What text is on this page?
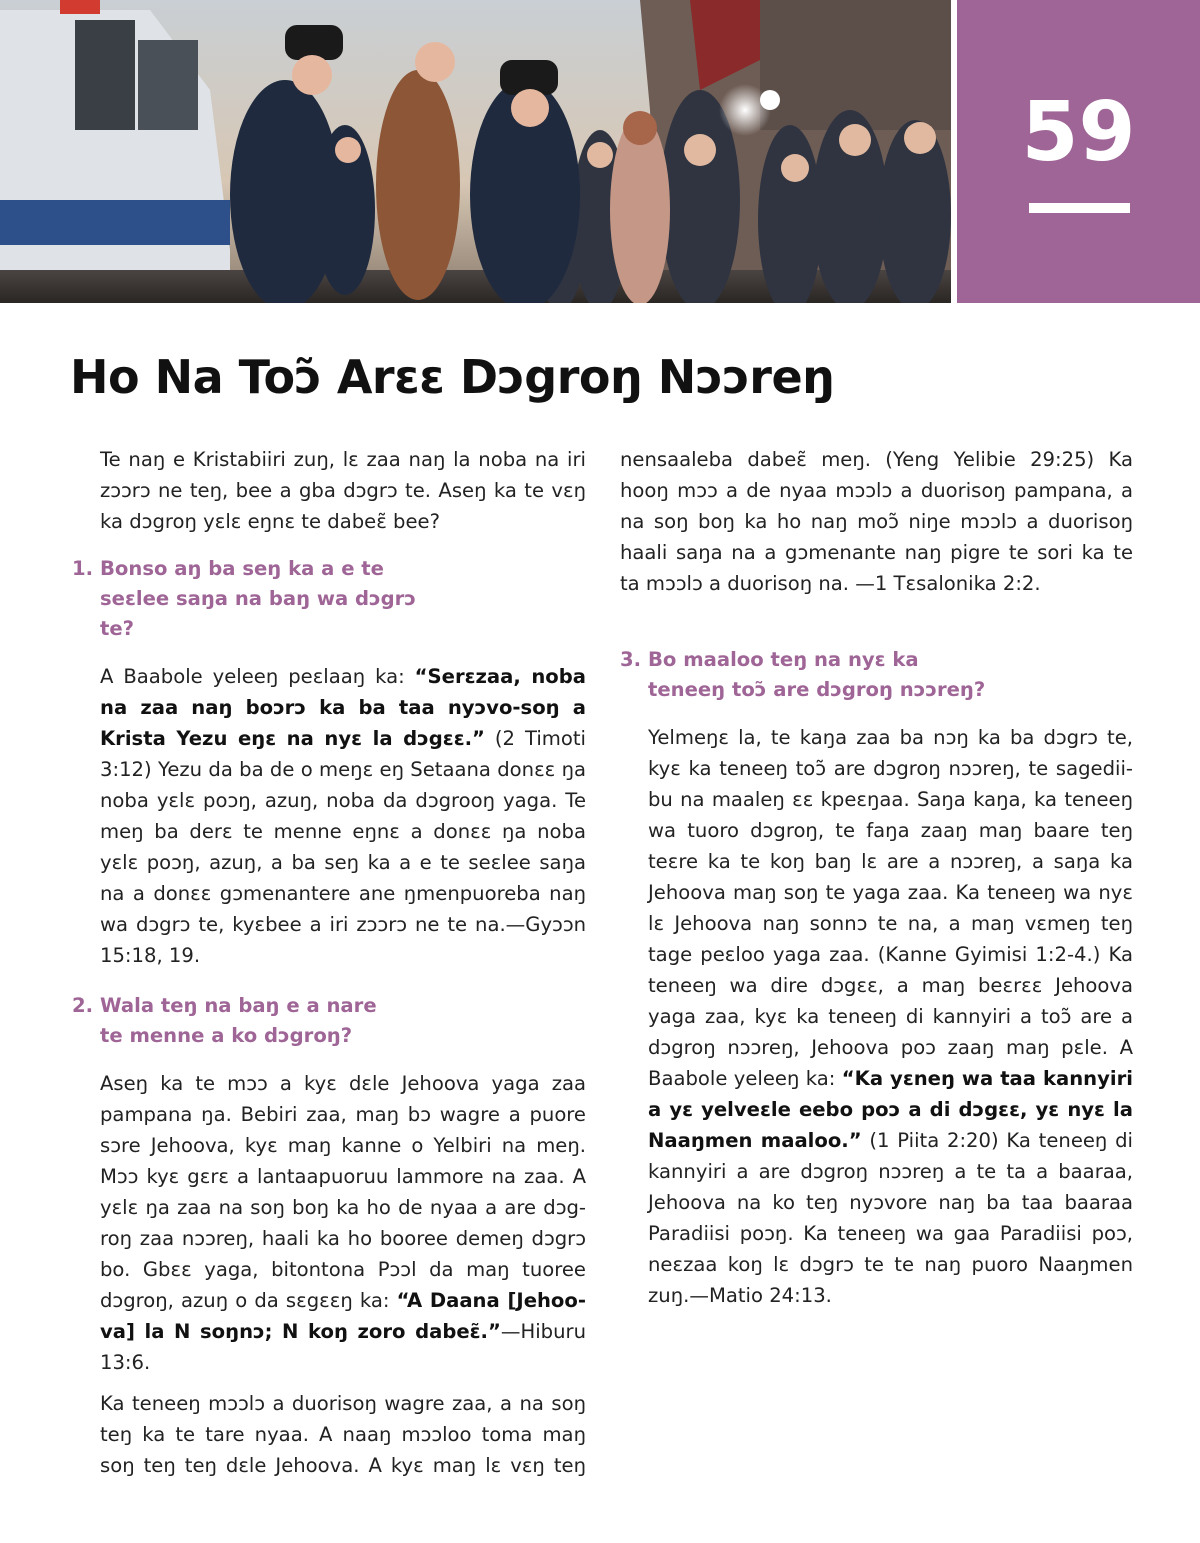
59
Ho Na Toɔ̃ Arɛɛ Dɔgroŋ Nɔɔreŋ

Te naŋ e Kristabiiri zuŋ, lɛ zaa naŋ la noba na iri zɔɔrɔ ne teŋ, bee a gba dɔgrɔ te. Aseŋ ka te vɛŋ ka dɔgroŋ yɛlɛ eŋnɛ te dabeɛ̃ bee?

1. Bonso aŋ ba seŋ ka a e te seɛlee saŋa na baŋ wa dɔgrɔ te?

A Baabole yeleeŋ peɛlaaŋ ka: “Serɛzaa, noba na zaa naŋ boɔrɔ ka ba taa nyɔvo-soŋ a Krista Yezu eŋɛ na nyɛ la dɔgɛɛ.” (2 Timoti 3:12) Yezu da ba de o meŋɛ eŋ Setaana donɛɛ ŋa noba yɛlɛ poɔŋ, azuŋ, noba da dɔgrooŋ yaga. Te meŋ ba derɛ te menne eŋnɛ a donɛɛ ŋa noba yɛlɛ poɔŋ, azuŋ, a ba seŋ ka a e te seɛlee saŋa na a donɛɛ gɔmenantere ane ŋmenpuoreba naŋ wa dɔgrɔ te, kyɛbee a iri zɔɔrɔ ne te na.—Gyɔɔn 15:18, 19.

2. Wala teŋ na baŋ e a nare te menne a ko dɔgroŋ?

Aseŋ ka te mɔɔ a kyɛ dɛle Jehoova yaga zaa pampana ŋa. Bebiri zaa, maŋ bɔ wagre a puore sɔre Jehoova, kyɛ maŋ kanne o Yelbiri na meŋ. Mɔɔ kyɛ gɛrɛ a lantaapuoruu lammore na zaa. A yɛlɛ ŋa zaa na soŋ boŋ ka ho de nyaa a are dɔgroŋ zaa nɔɔreŋ, haali ka ho booree demeŋ dɔgrɔ bo. Gbɛɛ yaga, bitontona Pɔɔl da maŋ tuoree dɔgroŋ, azuŋ o da sɛgɛɛŋ ka: “A Daana [Jehoova] la N soŋnɔ; N koŋ zoro dabeɛ̃.”—Hiburu 13:6.

Ka teneeŋ mɔɔlɔ a duorisoŋ wagre zaa, a na soŋ teŋ ka te tare nyaa. A naaŋ mɔɔloo toma maŋ soŋ teŋ teŋ dɛle Jehoova. A kyɛ maŋ lɛ vɛŋ teŋ

nensaaleba dabeɛ̃ meŋ. (Yeng Yelibie 29:25) Ka hooŋ mɔɔ a de nyaa mɔɔlɔ a duorisoŋ pampana, a na soŋ boŋ ka ho naŋ moɔ̃ niŋe mɔɔlɔ a duorisoŋ haali saŋa na a gɔmenante naŋ pigre te sori ka te ta mɔɔlɔ a duorisoŋ na. —1 Tɛsalonika 2:2.

3. Bo maaloo teŋ na nyɛ ka teneeŋ toɔ̃ are dɔgroŋ nɔɔreŋ?

Yelmeŋɛ la, te kaŋa zaa ba nɔŋ ka ba dɔgrɔ te, kyɛ ka teneeŋ toɔ̃ are dɔgroŋ nɔɔreŋ, te sagediibu na maaleŋ ɛɛ kpeɛŋaa. Saŋa kaŋa, ka teneeŋ wa tuoro dɔgroŋ, te faŋa zaaŋ maŋ baare teŋ teɛre ka te koŋ baŋ lɛ are a nɔɔreŋ, a saŋa ka Jehoova maŋ soŋ te yaga zaa. Ka teneeŋ wa nyɛ lɛ Jehoova naŋ sonnɔ te na, a maŋ vɛmeŋ teŋ tage peɛloo yaga zaa. (Kanne Gyimisi 1:2-4.) Ka teneeŋ wa dire dɔgɛɛ, a maŋ beɛrɛɛ Jehoova yaga zaa, kyɛ ka teneeŋ di kannyiri a toɔ̃ are a dɔgroŋ nɔɔreŋ, Jehoova poɔ zaaŋ maŋ pɛle. A Baabole yeleeŋ ka: “Ka yɛneŋ wa taa kannyiri a yɛ yelveɛle eebo poɔ a di dɔgɛɛ, yɛ nyɛ la Naaŋmen maaloo.” (1 Piita 2:20) Ka teneeŋ di kannyiri a are dɔgroŋ nɔɔreŋ a te ta a baaraa, Jehoova na ko teŋ nyɔvore naŋ ba taa baaraa Paradiisi poɔŋ. Ka teneeŋ wa gaa Paradiisi poɔ, neɛzaa koŋ lɛ dɔgrɔ te te naŋ puoro Naaŋmen zuŋ.—Matio 24:13.
